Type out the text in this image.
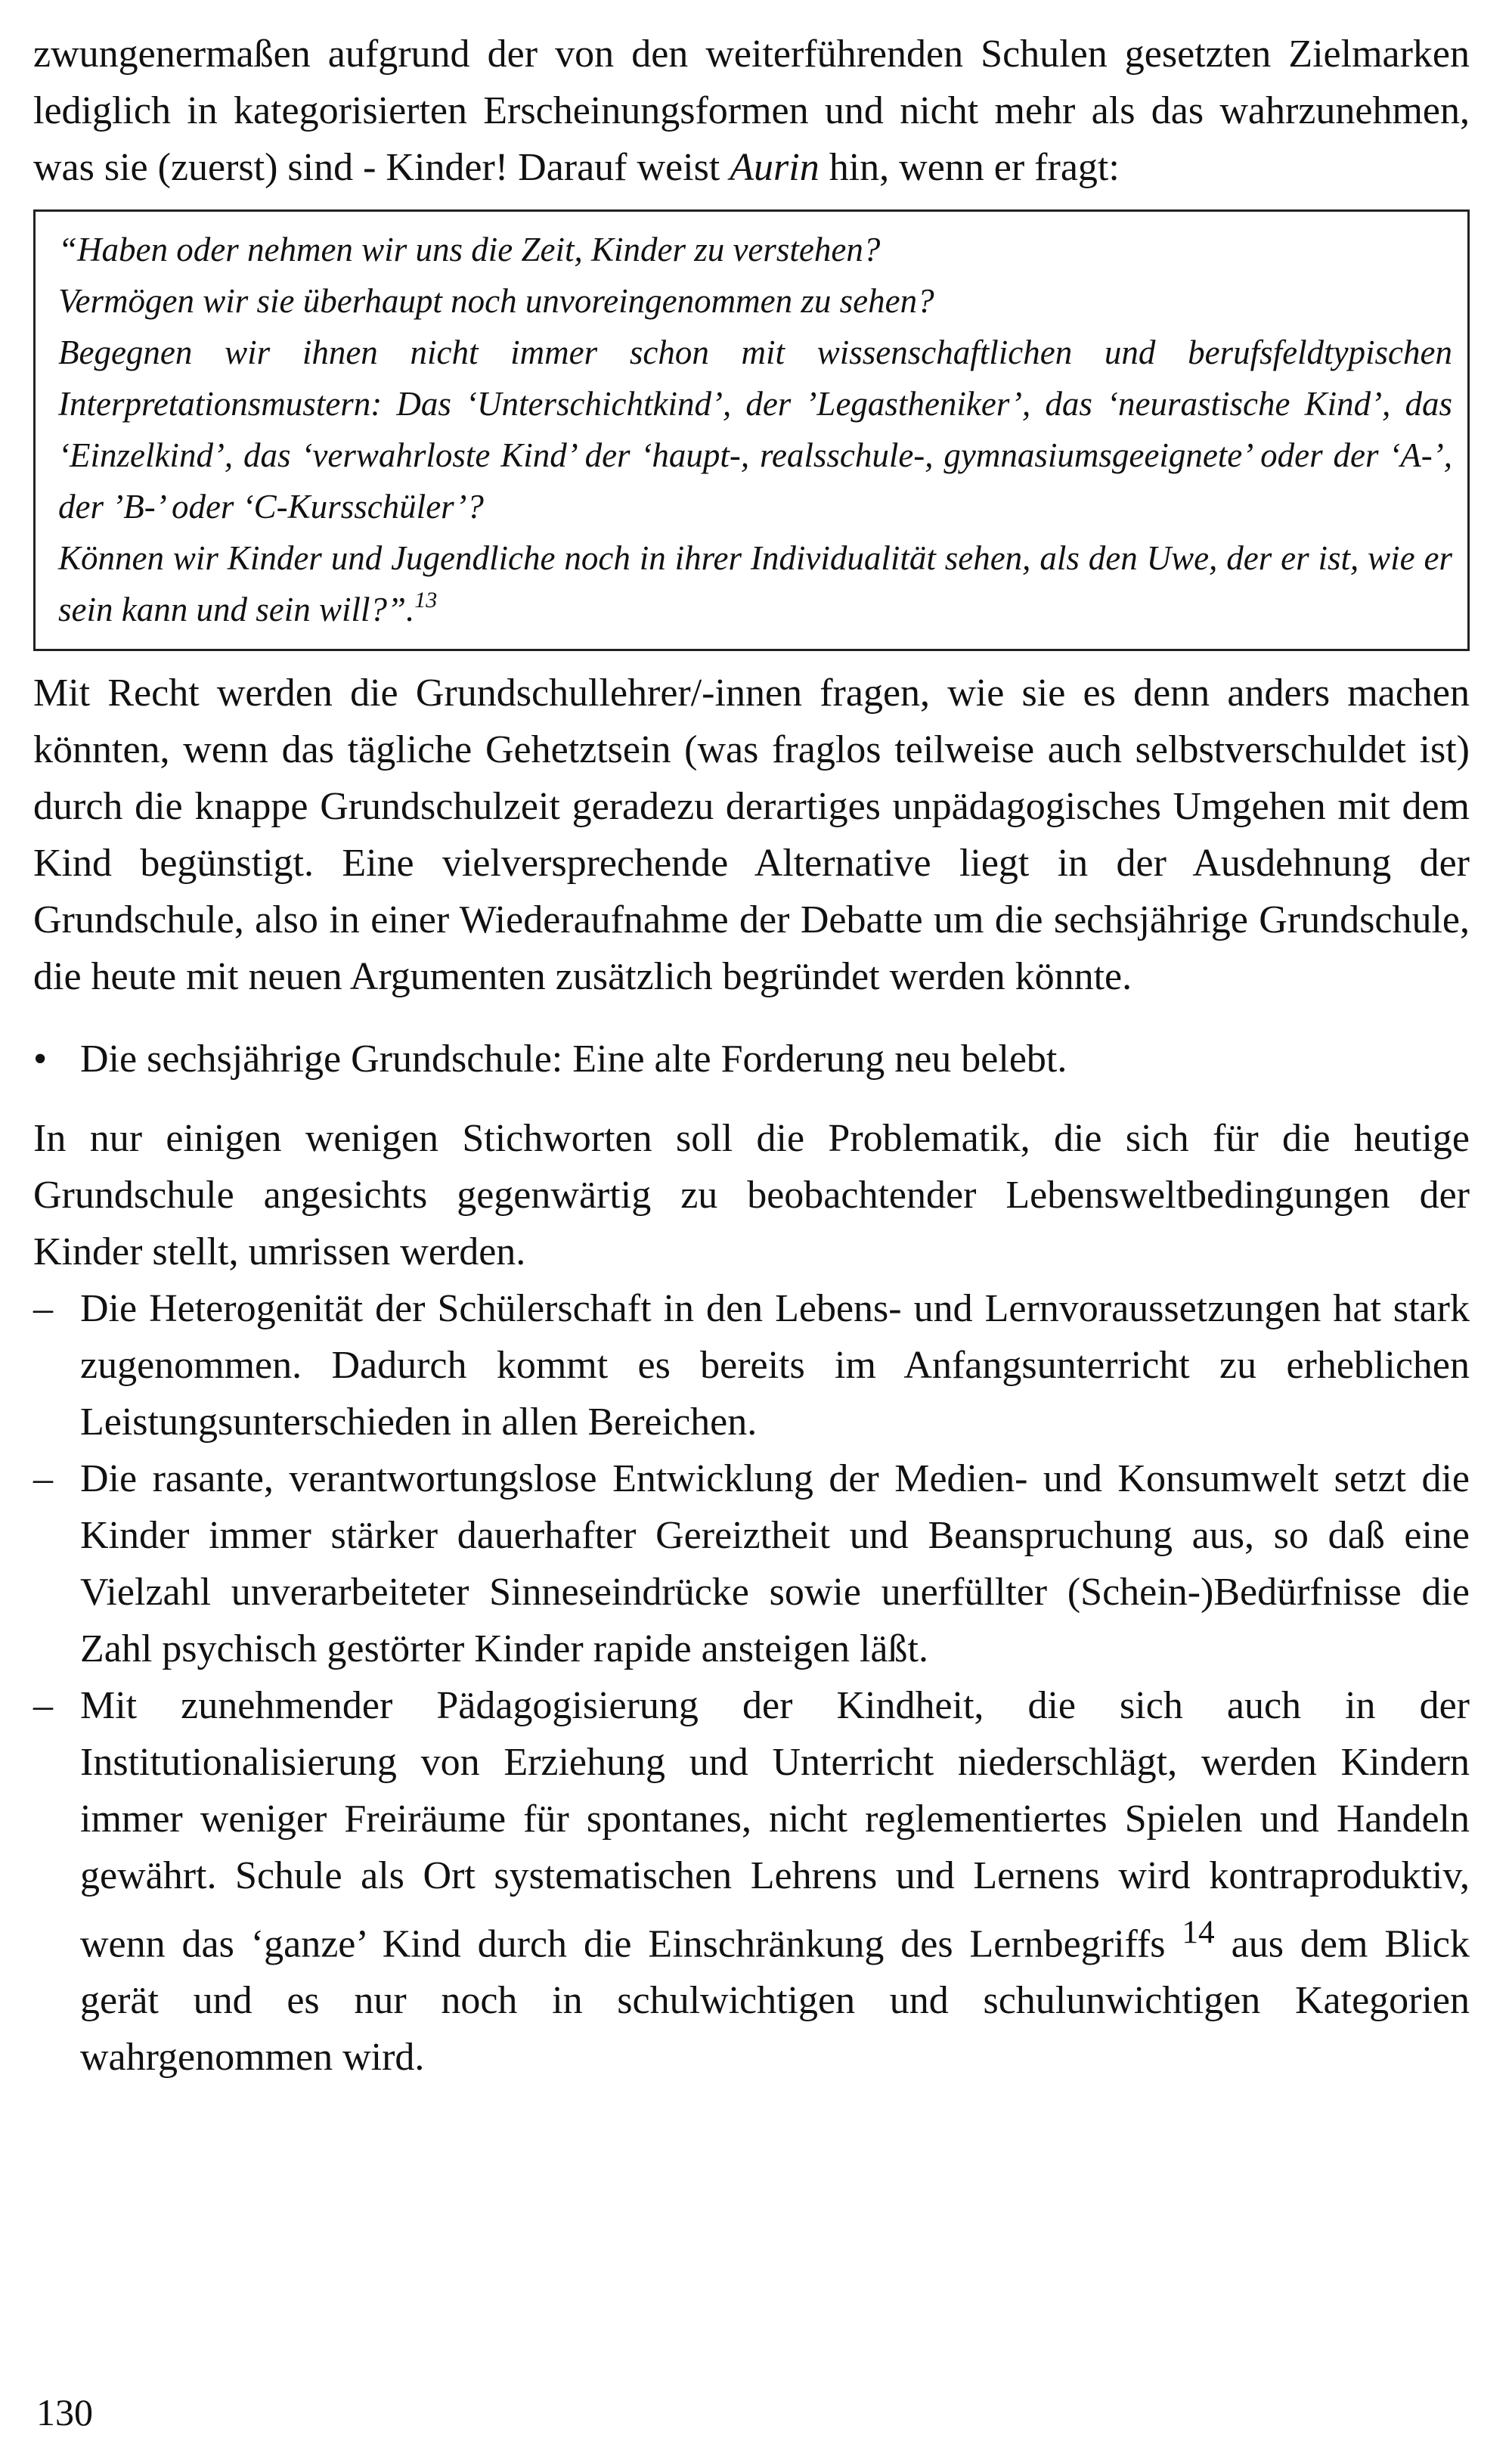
zwungenermaßen aufgrund der von den weiterführenden Schulen gesetzten Zielmarken lediglich in kategorisierten Erscheinungsformen und nicht mehr als das wahrzunehmen, was sie (zuerst) sind - Kinder! Darauf weist Aurin hin, wenn er fragt:

“Haben oder nehmen wir uns die Zeit, Kinder zu verstehen?

Vermögen wir sie überhaupt noch unvoreingenommen zu sehen?

Begegnen wir ihnen nicht immer schon mit wissenschaftlichen und berufsfeldtypischen Interpretationsmustern: Das ‘Unterschichtkind’, der ’Legastheniker’, das ‘neurastische Kind’, das ‘Einzelkind’, das ‘verwahrloste Kind’ der ‘haupt-, realsschule-, gymnasiumsgeeignete’ oder der ‘A-’, der ’B-’ oder ‘C-Kursschüler’?

Können wir Kinder und Jugendliche noch in ihrer Individualität sehen, als den Uwe, der er ist, wie er sein kann und sein will?”.$^{13}$

Mit Recht werden die Grundschullehrer/-innen fragen, wie sie es denn anders machen könnten, wenn das tägliche Gehetztsein (was fraglos teilweise auch selbstverschuldet ist) durch die knappe Grundschulzeit geradezu derartiges unpädagogisches Umgehen mit dem Kind begünstigt. Eine vielversprechende Alternative liegt in der Ausdehnung der Grundschule, also in einer Wiederaufnahme der Debatte um die sechsjährige Grundschule, die heute mit neuen Argumenten zusätzlich begründet werden könnte.

• Die sechsjährige Grundschule: Eine alte Forderung neu belebt.

In nur einigen wenigen Stichworten soll die Problematik, die sich für die heutige Grundschule angesichts gegenwärtig zu beobachtender Lebensweltbedingungen der Kinder stellt, umrissen werden.

– Die Heterogenität der Schülerschaft in den Lebens- und Lernvoraussetzungen hat stark zugenommen. Dadurch kommt es bereits im Anfangsunterricht zu erheblichen Leistungsunterschieden in allen Bereichen.
– Die rasante, verantwortungslose Entwicklung der Medien- und Konsumwelt setzt die Kinder immer stärker dauerhafter Gereiztheit und Beanspruchung aus, so daß eine Vielzahl unverarbeiteter Sinneseindrücke sowie unerfüllter (Schein-)Bedürfnisse die Zahl psychisch gestörter Kinder rapide ansteigen läßt.
– Mit zunehmender Pädagogisierung der Kindheit, die sich auch in der Institutionalisierung von Erziehung und Unterricht niederschlägt, werden Kindern immer weniger Freiräume für spontanes, nicht reglementiertes Spielen und Handeln gewährt. Schule als Ort systematischen Lehrens und Lernens wird kontraproduktiv, wenn das ‘ganze’ Kind durch die Einschränkung des Lernbegriffs $^{14}$ aus dem Blick gerät und es nur noch in schulwichtigen und schulunwichtigen Kategorien wahrgenommen wird.
130
